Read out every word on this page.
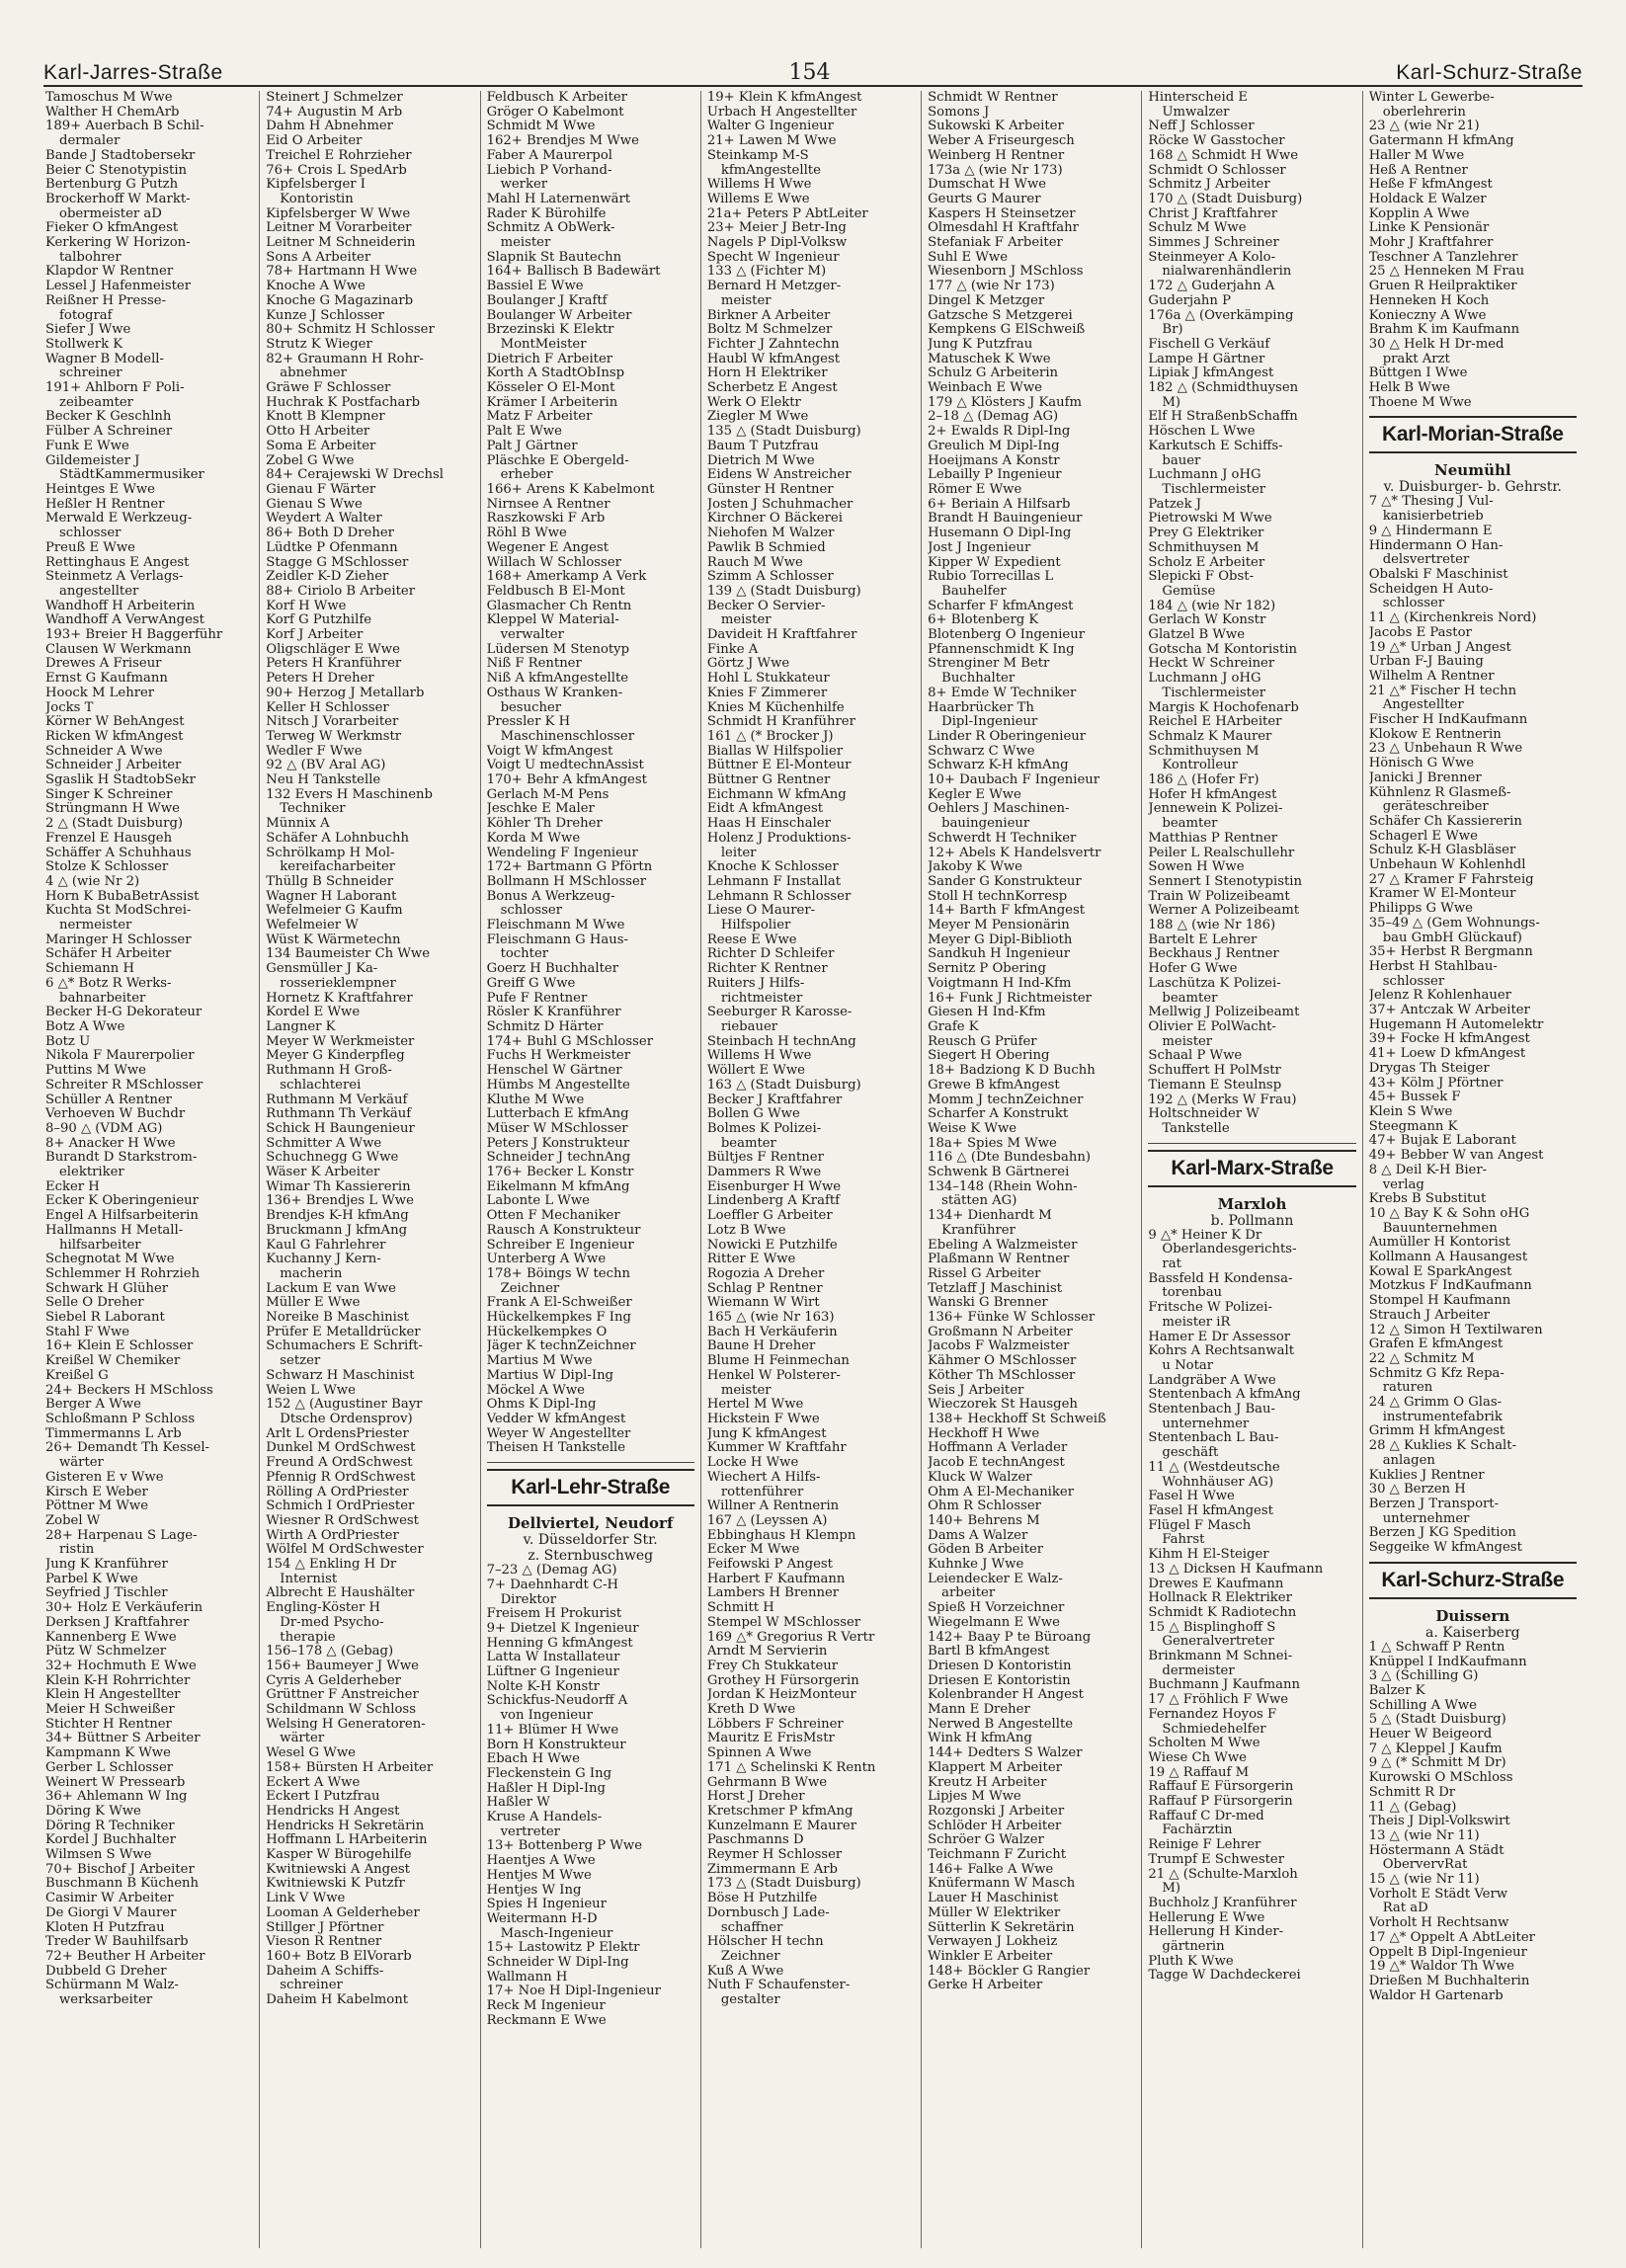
Karl-Jarres-Straße	154	Karl-Schurz-Straße
Tamoschus M Wwe
Walther H ChemArb
189+ Auerbach B Schil-
dermaler
Bande J Stadtobersekr
Beier C Stenotypistin
Bertenburg G Putzh
Brockerhoff W Markt-
obermeister aD
Fieker O kfmAngest
Kerkering W Horizon-
talbohrer
Klapdor W Rentner
Lessel J Hafenmeister
Reißner H Presse-
fotograf
Siefer J Wwe
Stollwerk K
Wagner B Modell-
schreiner
191+ Ahlborn F Poli-
zeibeamter
Becker K Geschlnh
Fülber A Schreiner
Funk E Wwe
Gildemeister J
StädtKammermusiker
Heintges E Wwe
Heßler H Rentner
Merwald E Werkzeug-
schlosser
Preuß E Wwe
Rettinghaus E Angest
Steinmetz A Verlags-
angestellter
Wandhoff H Arbeiterin
Wandhoff A VerwAngest
193+ Breier H Baggerführ
Clausen W Werkmann
Drewes A Friseur
Ernst G Kaufmann
Hoock M Lehrer
Jocks T
Körner W BehAngest
Ricken W kfmAngest
Schneider A Wwe
Schneider J Arbeiter
Sgaslik H StadtobSekr
Singer K Schreiner
Strüngmann H Wwe
2 △ (Stadt Duisburg)
Frenzel E Hausgeh
Schäffer A Schuhhaus
Stolze K Schlosser
4 △ (wie Nr 2)
Horn K BubaBetrAssist
Kuchta St ModSchrei-
nermeister
Maringer H Schlosser
Schäfer H Arbeiter
Schiemann H
6 △* Botz R Werks-
bahnarbeiter
Becker H-G Dekorateur
Botz A Wwe
Botz U
Nikola F Maurerpolier
Puttins M Wwe
Schreiter R MSchlosser
Schüller A Rentner
Verhoeven W Buchdr
8–90 △ (VDM AG)
8+ Anacker H Wwe
Burandt D Starkstrom-
elektriker
Ecker H
Ecker K Oberingenieur
Engel A Hilfsarbeiterin
Hallmanns H Metall-
hilfsarbeiter
Schegnotat M Wwe
Schlemmer H Rohrzieh
Schwark H Glüher
Selle O Dreher
Siebel R Laborant
Stahl F Wwe
16+ Klein E Schlosser
Kreißel W Chemiker
Kreißel G
24+ Beckers H MSchloss
Berger A Wwe
Schloßmann P Schloss
Timmermanns L Arb
26+ Demandt Th Kessel-
wärter
Gisteren E v Wwe
Kirsch E Weber
Pöttner M Wwe
Zobel W
28+ Harpenau S Lage-
ristin
Jung K Kranführer
Parbel K Wwe
Seyfried J Tischler
30+ Holz E Verkäuferin
Derksen J Kraftfahrer
Kannenberg E Wwe
Pütz W Schmelzer
32+ Hochmuth E Wwe
Klein K-H Rohrrichter
Klein H Angestellter
Meier H Schweißer
Stichter H Rentner
34+ Büttner S Arbeiter
Kampmann K Wwe
Gerber L Schlosser
Weinert W Pressearb
36+ Ahlemann W Ing
Döring K Wwe
Döring R Techniker
Kordel J Buchhalter
Wilmsen S Wwe
70+ Bischof J Arbeiter
Buschmann B Küchenh
Casimir W Arbeiter
De Giorgi V Maurer
Kloten H Putzfrau
Treder W Bauhilfsarb
72+ Beuther H Arbeiter
Dubbeld G Dreher
Schürmann M Walz-
werksarbeiter
Steinert J Schmelzer
74+ Augustin M Arb
Dahm H Abnehmer
Eid O Arbeiter
Treichel E Rohrzieher
76+ Crois L SpedArb
Kipfelsberger I
Kontoristin
Kipfelsberger W Wwe
Leitner M Vorarbeiter
Leitner M Schneiderin
Sons A Arbeiter
78+ Hartmann H Wwe
Knoche A Wwe
Knoche G Magazinarb
Kunze J Schlosser
80+ Schmitz H Schlosser
Strutz K Wieger
82+ Graumann H Rohr-
abnehmer
Gräwe F Schlosser
Huchrak K Postfacharb
Knott B Klempner
Otto H Arbeiter
Soma E Arbeiter
Zobel G Wwe
84+ Cerajewski W Drechsl
Gienau F Wärter
Gienau S Wwe
Weydert A Walter
86+ Both D Dreher
Lüdtke P Ofenmann
Stagge G MSchlosser
Zeidler K-D Zieher
88+ Ciriolo B Arbeiter
Korf H Wwe
Korf G Putzhilfe
Korf J Arbeiter
Oligschläger E Wwe
Peters H Kranführer
Peters H Dreher
90+ Herzog J Metallarb
Keller H Schlosser
Nitsch J Vorarbeiter
Terweg W Werkmstr
Wedler F Wwe
92 △ (BV Aral AG)
Neu H Tankstelle
132 Evers H Maschinenb
Techniker
Münnix A
Schäfer A Lohnbuchh
Schrölkamp H Mol-
kereifacharbeiter
Thüllg B Schneider
Wagner H Laborant
Wefelmeier G Kaufm
Wefelmeier W
Wüst K Wärmetechn
134 Baumeister Ch Wwe
Gensmüller J Ka-
rosserieklempner
Hornetz K Kraftfahrer
Kordel E Wwe
Langner K
Meyer W Werkmeister
Meyer G Kinderpfleg
Ruthmann H Groß-
schlachterei
Ruthmann M Verkäuf
Ruthmann Th Verkäuf
Schick H Baungenieur
Schmitter A Wwe
Schuchnegg G Wwe
Wäser K Arbeiter
Wimar Th Kassiererin
136+ Brendjes L Wwe
Brendjes K-H kfmAng
Bruckmann J kfmAng
Kaul G Fahrlehrer
Kuchanny J Kern-
macherin
Lackum E van Wwe
Müller E Wwe
Noreike B Maschinist
Prüfer E Metalldrücker
Schumachers E Schrift-
setzer
Schwarz H Maschinist
Weien L Wwe
152 △ (Augustiner Bayr
Dtsche Ordensprov)
Arlt L OrdensPriester
Dunkel M OrdSchwest
Freund A OrdSchwest
Pfennig R OrdSchwest
Rölling A OrdPriester
Schmich I OrdPriester
Wiesner R OrdSchwest
Wirth A OrdPriester
Wölfel M OrdSchwester
154 △ Enkling H Dr
Internist
Albrecht E Haushälter
Engling-Köster H
Dr-med Psycho-
therapie
156–178 △ (Gebag)
156+ Baumeyer J Wwe
Cyris A Gelderheber
Grüttner F Anstreicher
Schildmann W Schloss
Welsing H Generatoren-
wärter
Wesel G Wwe
158+ Bürsten H Arbeiter
Eckert A Wwe
Eckert I Putzfrau
Hendricks H Angest
Hendricks H Sekretärin
Hoffmann L HArbeiterin
Kasper W Bürogehilfe
Kwitniewski A Angest
Kwitniewski K Putzfr
Link V Wwe
Looman A Gelderheber
Stillger J Pförtner
Vieson R Rentner
160+ Botz B ElVorarb
Daheim A Schiffs-
schreiner
Daheim H Kabelmont
Feldbusch K Arbeiter
Gröger O Kabelmont
Schmidt M Wwe
162+ Brendjes M Wwe
Faber A Maurerpol
Liebich P Vorhand-
werker
Mahl H Laternenwärt
Rader K Bürohilfe
Schmitz A ObWerk-
meister
Slapnik St Bautechn
164+ Ballisch B Badewärt
Bassiel E Wwe
Boulanger J Kraftf
Boulanger W Arbeiter
Brzezinski K Elektr
MontMeister
Dietrich F Arbeiter
Korth A StadtObInsp
Kösseler O El-Mont
Krämer I Arbeiterin
Matz F Arbeiter
Palt E Wwe
Palt J Gärtner
Pläschke E Obergeld-
erheber
166+ Arens K Kabelmont
Nirnsee A Rentner
Raszkowski F Arb
Röhl B Wwe
Wegener E Angest
Willach W Schlosser
168+ Amerkamp A Verk
Feldbusch B El-Mont
Glasmacher Ch Rentn
Kleppel W Material-
verwalter
Lüdersen M Stenotyp
Niß F Rentner
Niß A kfmAngestellte
Osthaus W Kranken-
besucher
Pressler K H
Maschinenschlosser
Voigt W kfmAngest
Voigt U medtechnAssist
170+ Behr A kfmAngest
Gerlach M-M Pens
Jeschke E Maler
Köhler Th Dreher
Korda M Wwe
Wendeling F Ingenieur
172+ Bartmann G Pförtn
Bollmann H MSchlosser
Bonus A Werkzeug-
schlosser
Fleischmann M Wwe
Fleischmann G Haus-
tochter
Goerz H Buchhalter
Greiff G Wwe
Pufe F Rentner
Rösler K Kranführer
Schmitz D Härter
174+ Buhl G MSchlosser
Fuchs H Werkmeister
Henschel W Gärtner
Hümbs M Angestellte
Kluthe M Wwe
Lutterbach E kfmAng
Müser W MSchlosser
Peters J Konstrukteur
Schneider J technAng
176+ Becker L Konstr
Eikelmann M kfmAng
Labonte L Wwe
Otten F Mechaniker
Rausch A Konstrukteur
Schreiber E Ingenieur
Unterberg A Wwe
178+ Böings W techn
Zeichner
Frank A El-Schweißer
Hückelkempkes F Ing
Hückelkempkes O
Jäger K technZeichner
Martius M Wwe
Martius W Dipl-Ing
Möckel A Wwe
Ohms K Dipl-Ing
Vedder W kfmAngest
Weyer W Angestellter
Theisen H Tankstelle
Karl-Lehr-Straße
Dellviertel, Neudorf
v. Düsseldorfer Str.
z. Sternbuschweg
7–23 △ (Demag AG)
7+ Daehnhardt C-H
Direktor
Freisem H Prokurist
9+ Dietzel K Ingenieur
Henning G kfmAngest
Latta W Installateur
Lüftner G Ingenieur
Nolte K-H Konstr
Schickfus-Neudorff A
von Ingenieur
11+ Blümer H Wwe
Born H Konstrukteur
Ebach H Wwe
Fleckenstein G Ing
Haßler H Dipl-Ing
Haßler W
Kruse A Handels-
vertreter
13+ Bottenberg P Wwe
Haentjes A Wwe
Hentjes M Wwe
Hentjes W Ing
Spies H Ingenieur
Weitermann H-D
Masch-Ingenieur
15+ Lastowitz P Elektr
Schneider W Dipl-Ing
Wallmann H
17+ Noe H Dipl-Ingenieur
Reck M Ingenieur
Reckmann E Wwe
19+ Klein K kfmAngest
Urbach H Angestellter
Walter G Ingenieur
21+ Lawen M Wwe
Steinkamp M-S
kfmAngestellte
Willems H Wwe
Willems E Wwe
21a+ Peters P AbtLeiter
23+ Meier J Betr-Ing
Nagels P Dipl-Volksw
Specht W Ingenieur
133 △ (Fichter M)
Bernard H Metzger-
meister
Birkner A Arbeiter
Boltz M Schmelzer
Fichter J Zahntechn
Haubl W kfmAngest
Horn H Elektriker
Scherbetz E Angest
Werk O Elektr
Ziegler M Wwe
135 △ (Stadt Duisburg)
Baum T Putzfrau
Dietrich M Wwe
Eidens W Anstreicher
Günster H Rentner
Josten J Schuhmacher
Kirchner O Bäckerei
Niehofen M Walzer
Pawlik B Schmied
Rauch M Wwe
Szimm A Schlosser
139 △ (Stadt Duisburg)
Becker O Servier-
meister
Davideit H Kraftfahrer
Finke A
Görtz J Wwe
Hohl L Stukkateur
Knies F Zimmerer
Knies M Küchenhilfe
Schmidt H Kranführer
161 △ (* Brocker J)
Biallas W Hilfspolier
Büttner E El-Monteur
Büttner G Rentner
Eichmann W kfmAng
Eidt A kfmAngest
Haas H Einschaler
Holenz J Produktions-
leiter
Knoche K Schlosser
Lehmann F Installat
Lehmann R Schlosser
Liese O Maurer-
Hilfspolier
Reese E Wwe
Richter D Schleifer
Richter K Rentner
Ruiters J Hilfs-
richtmeister
Seeburger R Karosse-
riebauer
Steinbach H technAng
Willems H Wwe
Wöllert E Wwe
163 △ (Stadt Duisburg)
Becker J Kraftfahrer
Bollen G Wwe
Bolmes K Polizei-
beamter
Bültjes F Rentner
Dammers R Wwe
Eisenburger H Wwe
Lindenberg A Kraftf
Loeffler G Arbeiter
Lotz B Wwe
Nowicki E Putzhilfe
Ritter E Wwe
Rogozia A Dreher
Schlag P Rentner
Wiemann W Wirt
165 △ (wie Nr 163)
Bach H Verkäuferin
Baune H Dreher
Blume H Feinmechan
Henkel W Polsterer-
meister
Hertel M Wwe
Hickstein F Wwe
Jung K kfmAngest
Kummer W Kraftfahr
Locke H Wwe
Wiechert A Hilfs-
rottenführer
Willner A Rentnerin
167 △ (Leyssen A)
Ebbinghaus H Klempn
Ecker M Wwe
Feifowski P Angest
Harbert F Kaufmann
Lambers H Brenner
Schmitt H
Stempel W MSchlosser
169 △* Gregorius R Vertr
Arndt M Servierin
Frey Ch Stukkateur
Grothey H Fürsorgerin
Jordan K HeizMonteur
Kreth D Wwe
Löbbers F Schreiner
Mauritz E FrisMstr
Spinnen A Wwe
171 △ Schelinski K Rentn
Gehrmann B Wwe
Horst J Dreher
Kretschmer P kfmAng
Kunzelmann E Maurer
Paschmanns D
Reymer H Schlosser
Zimmermann E Arb
173 △ (Stadt Duisburg)
Böse H Putzhilfe
Dornbusch J Lade-
schaffner
Hölscher H techn
Zeichner
Kuß A Wwe
Nuth F Schaufenster-
gestalter
Schmidt W Rentner
Somons J
Sukowski K Arbeiter
Weber A Friseurgesch
Weinberg H Rentner
173a △ (wie Nr 173)
Dumschat H Wwe
Geurts G Maurer
Kaspers H Steinsetzer
Olmesdahl H Kraftfahr
Stefaniak F Arbeiter
Suhl E Wwe
Wiesenborn J MSchloss
177 △ (wie Nr 173)
Dingel K Metzger
Gatzsche S Metzgerei
Kempkens G ElSchweiß
Jung K Putzfrau
Matuschek K Wwe
Schulz G Arbeiterin
Weinbach E Wwe
179 △ Klösters J Kaufm
2–18 △ (Demag AG)
2+ Ewalds R Dipl-Ing
Greulich M Dipl-Ing
Hoeijmans A Konstr
Lebailly P Ingenieur
Römer E Wwe
6+ Beriain A Hilfsarb
Brandt H Bauingenieur
Husemann O Dipl-Ing
Jost J Ingenieur
Kipper W Expedient
Rubio Torrecillas L
Bauhelfer
Scharfer F kfmAngest
6+ Blotenberg K
Blotenberg O Ingenieur
Pfannenschmidt K Ing
Strenginer M Betr
Buchhalter
8+ Emde W Techniker
Haarbrücker Th
Dipl-Ingenieur
Linder R Oberingenieur
Schwarz C Wwe
Schwarz K-H kfmAng
10+ Daubach F Ingenieur
Kegler E Wwe
Oehlers J Maschinen-
bauingenieur
Schwerdt H Techniker
12+ Abels K Handelsvertr
Jakoby K Wwe
Sander G Konstrukteur
Stoll H technKorresp
14+ Barth F kfmAngest
Meyer M Pensionärin
Meyer G Dipl-Biblioth
Sandkuh H Ingenieur
Sernitz P Obering
Voigtmann H Ind-Kfm
16+ Funk J Richtmeister
Giesen H Ind-Kfm
Grafe K
Reusch G Prüfer
Siegert H Obering
18+ Badziong K D Buchh
Grewe B kfmAngest
Momm J technZeichner
Scharfer A Konstrukt
Weise K Wwe
18a+ Spies M Wwe
116 △ (Dte Bundesbahn)
Schwenk B Gärtnerei
134–148 (Rhein Wohn-
stätten AG)
134+ Dienhardt M
Kranführer
Ebeling A Walzmeister
Plaßmann W Rentner
Rissel G Arbeiter
Tetzlaff J Maschinist
Wanski G Brenner
136+ Fünke W Schlosser
Großmann N Arbeiter
Jacobs F Walzmeister
Kähmer O MSchlosser
Köther Th MSchlosser
Seis J Arbeiter
Wieczorek St Hausgeh
138+ Heckhoff St Schweiß
Heckhoff H Wwe
Hoffmann A Verlader
Jacob E technAngest
Kluck W Walzer
Ohm A El-Mechaniker
Ohm R Schlosser
140+ Behrens M
Dams A Walzer
Göden B Arbeiter
Kuhnke J Wwe
Leiendecker E Walz-
arbeiter
Spieß H Vorzeichner
Wiegelmann E Wwe
142+ Baay P te Büroang
Bartl B kfmAngest
Driesen D Kontoristin
Driesen E Kontoristin
Kolenbrander H Angest
Mann E Dreher
Nerwed B Angestellte
Wink H kfmAng
144+ Dedters S Walzer
Klappert M Arbeiter
Kreutz H Arbeiter
Lipjes M Wwe
Rozgonski J Arbeiter
Schlöder H Arbeiter
Schröer G Walzer
Teichmann F Zuricht
146+ Falke A Wwe
Knüfermann W Masch
Lauer H Maschinist
Müller W Elektriker
Sütterlin K Sekretärin
Verwayen J Lokheiz
Winkler E Arbeiter
148+ Böckler G Rangier
Gerke H Arbeiter
Hinterscheid E
Umwalzer
Neff J Schlosser
Röcke W Gasstocher
168 △ Schmidt H Wwe
Schmidt O Schlosser
Schmitz J Arbeiter
170 △ (Stadt Duisburg)
Christ J Kraftfahrer
Schulz M Wwe
Simmes J Schreiner
Steinmeyer A Kolo-
nialwarenhändlerin
172 △ Guderjahn A
Guderjahn P
176a △ (Overkämping
Br)
Fischell G Verkäuf
Lampe H Gärtner
Lipiak J kfmAngest
182 △ (Schmidthuysen
M)
Elf H StraßenbSchaffn
Höschen L Wwe
Karkutsch E Schiffs-
bauer
Luchmann J oHG
Tischlermeister
Patzek J
Pietrowski M Wwe
Prey G Elektriker
Schmithuysen M
Scholz E Arbeiter
Slepicki F Obst-
Gemüse
184 △ (wie Nr 182)
Gerlach W Konstr
Glatzel B Wwe
Gotscha M Kontoristin
Heckt W Schreiner
Luchmann J oHG
Tischlermeister
Margis K Hochofenarb
Reichel E HArbeiter
Schmalz K Maurer
Schmithuysen M
Kontrolleur
186 △ (Hofer Fr)
Hofer H kfmAngest
Jennewein K Polizei-
beamter
Matthias P Rentner
Peiler L Realschullehr
Sowen H Wwe
Sennert I Stenotypistin
Train W Polizeibeamt
Werner A Polizeibeamt
188 △ (wie Nr 186)
Bartelt E Lehrer
Beckhaus J Rentner
Hofer G Wwe
Laschütza K Polizei-
beamter
Mellwig J Polizeibeamt
Olivier E PolWacht-
meister
Schaal P Wwe
Schuffert H PolMstr
Tiemann E Steulnsp
192 △ (Merks W Frau)
Holtschneider W
Tankstelle
Karl-Marx-Straße
Marxloh
b. Pollmann
9 △* Heiner K Dr
Oberlandesgerichts-
rat
Bassfeld H Kondensa-
torenbau
Fritsche W Polizei-
meister iR
Hamer E Dr Assessor
Kohrs A Rechtsanwalt
u Notar
Landgräber A Wwe
Stentenbach A kfmAng
Stentenbach J Bau-
unternehmer
Stentenbach L Bau-
geschäft
11 △ (Westdeutsche
Wohnhäuser AG)
Fasel H Wwe
Fasel H kfmAngest
Flügel F Masch
Fahrst
Kihm H El-Steiger
13 △ Dicksen H Kaufmann
Drewes E Kaufmann
Hollnack R Elektriker
Schmidt K Radiotechn
15 △ Bisplinghoff S
Generalvertreter
Brinkmann M Schnei-
dermeister
Buchmann J Kaufmann
17 △ Fröhlich F Wwe
Fernandez Hoyos F
Schmiedehelfer
Scholten M Wwe
Wiese Ch Wwe
19 △ Raffauf M
Raffauf E Fürsorgerin
Raffauf P Fürsorgerin
Raffauf C Dr-med
Fachärztin
Reinige F Lehrer
Trumpf E Schwester
21 △ (Schulte-Marxloh
M)
Buchholz J Kranführer
Hellerung E Wwe
Hellerung H Kinder-
gärtnerin
Pluth K Wwe
Tagge W Dachdeckerei
Winter L Gewerbe-
oberlehrerin
23 △ (wie Nr 21)
Gatermann H kfmAng
Haller M Wwe
Heß A Rentner
Heße F kfmAngest
Holdack E Walzer
Kopplin A Wwe
Linke K Pensionär
Mohr J Kraftfahrer
Teschner A Tanzlehrer
25 △ Henneken M Frau
Gruen R Heilpraktiker
Henneken H Koch
Konieczny A Wwe
Brahm K im Kaufmann
30 △ Helk H Dr-med
prakt Arzt
Büttgen I Wwe
Helk B Wwe
Thoene M Wwe
Karl-Morian-Straße
Neumühl
v. Duisburger- b. Gehrstr.
7 △* Thesing J Vul-
kanisierbetrieb
9 △ Hindermann E
Hindermann O Han-
delsvertreter
Obalski F Maschinist
Scheidgen H Auto-
schlosser
11 △ (Kirchenkreis Nord)
Jacobs E Pastor
19 △* Urban J Angest
Urban F-J Bauing
Wilhelm A Rentner
21 △* Fischer H techn
Angestellter
Fischer H IndKaufmann
Klokow E Rentnerin
23 △ Unbehaun R Wwe
Hönisch G Wwe
Janicki J Brenner
Kühnlenz R Glasmeß-
geräteschreiber
Schäfer Ch Kassiererin
Schagerl E Wwe
Schulz K-H Glasbläser
Unbehaun W Kohlenhdl
27 △ Kramer F Fahrsteig
Kramer W El-Monteur
Philipps G Wwe
35–49 △ (Gem Wohnungs-
bau GmbH Glückauf)
35+ Herbst R Bergmann
Herbst H Stahlbau-
schlosser
Jelenz R Kohlenhauer
37+ Antczak W Arbeiter
Hugemann H Automelektr
39+ Focke H kfmAngest
41+ Loew D kfmAngest
Drygas Th Steiger
43+ Kölm J Pförtner
45+ Bussek F
Klein S Wwe
Steegmann K
47+ Bujak E Laborant
49+ Bebber W van Angest
8 △ Deil K-H Bier-
verlag
Krebs B Substitut
10 △ Bay K & Sohn oHG
Bauunternehmen
Aumüller H Kontorist
Kollmann A Hausangest
Kowal E SparkAngest
Motzkus F IndKaufmann
Stompel H Kaufmann
Strauch J Arbeiter
12 △ Simon H Textilwaren
Grafen E kfmAngest
22 △ Schmitz M
Schmitz G Kfz Repa-
raturen
24 △ Grimm O Glas-
instrumentefabrik
Grimm H kfmAngest
28 △ Kuklies K Schalt-
anlagen
Kuklies J Rentner
30 △ Berzen H
Berzen J Transport-
unternehmer
Berzen J KG Spedition
Seggeike W kfmAngest
Karl-Schurz-Straße
Duissern
a. Kaiserberg
1 △ Schwaff P Rentn
Knüppel I IndKaufmann
3 △ (Schilling G)
Balzer K
Schilling A Wwe
5 △ (Stadt Duisburg)
Heuer W Beigeord
7 △ Kleppel J Kaufm
9 △ (* Schmitt M Dr)
Kurowski O MSchloss
Schmitt R Dr
11 △ (Gebag)
Theis J Dipl-Volkswirt
13 △ (wie Nr 11)
Höstermann A Städt
ObervervRat
15 △ (wie Nr 11)
Vorholt E Städt Verw
Rat aD
Vorholt H Rechtsanw
17 △* Oppelt A AbtLeiter
Oppelt B Dipl-Ingenieur
19 △* Waldor Th Wwe
Drießen M Buchhalterin
Waldor H Gartenarb
